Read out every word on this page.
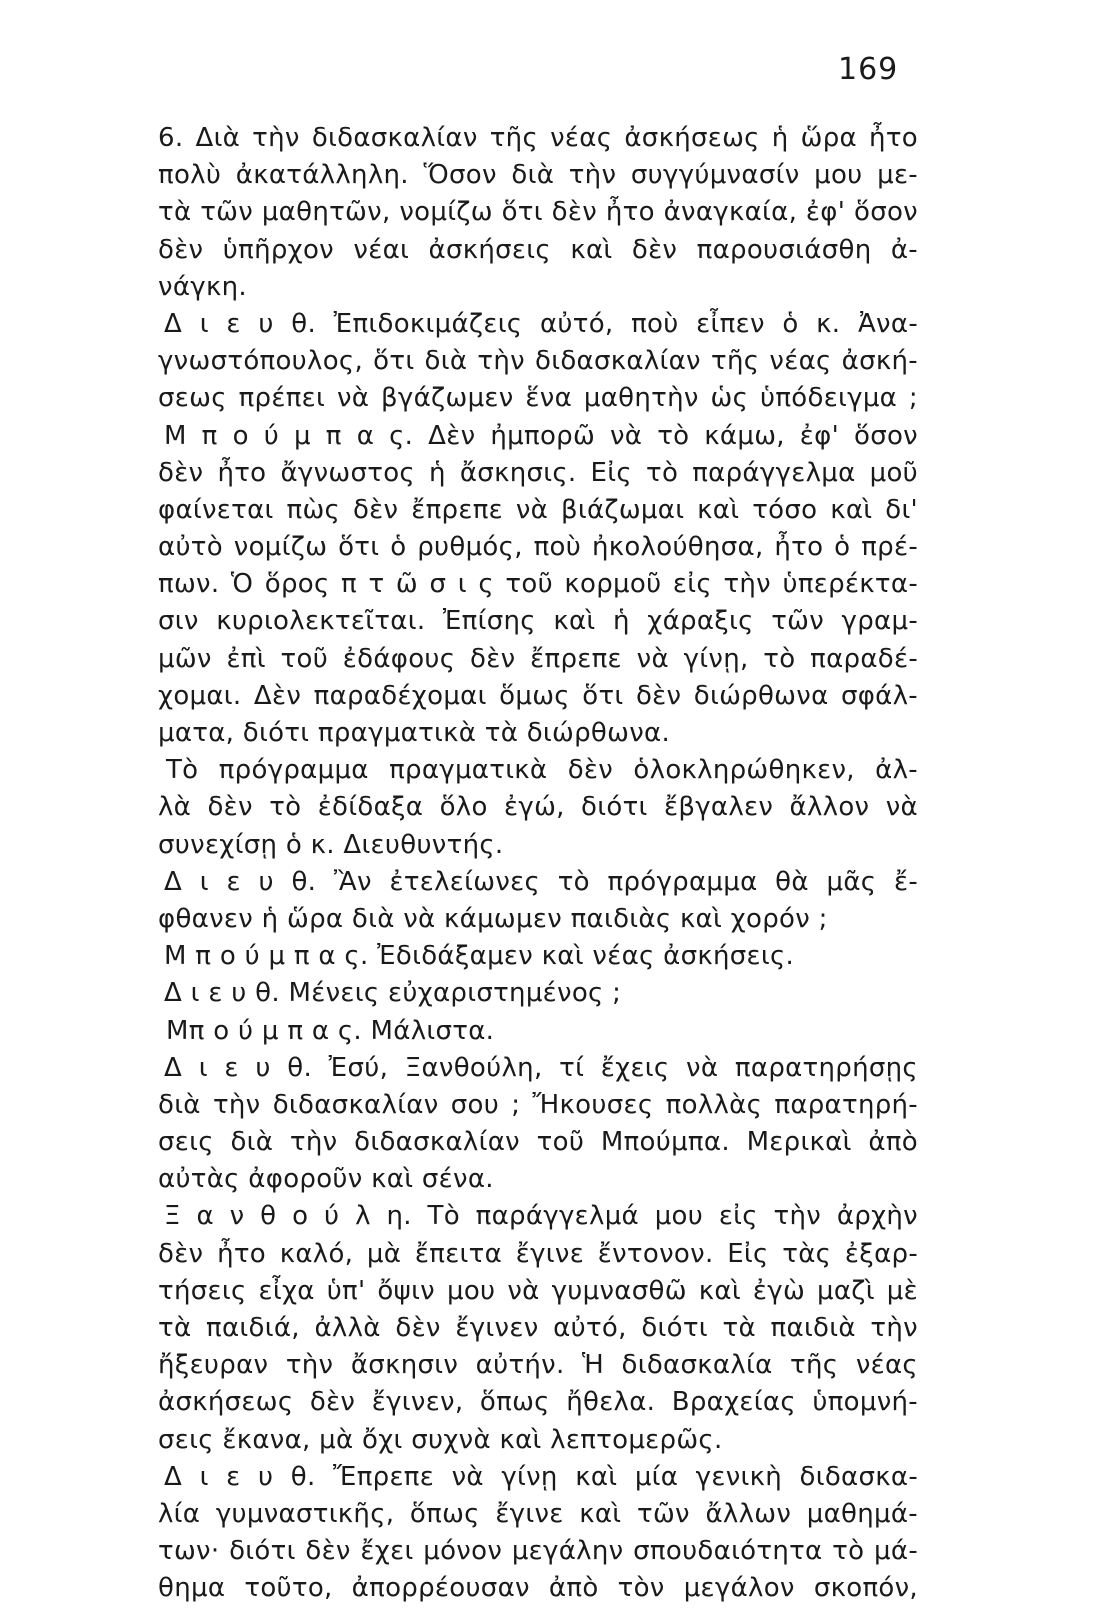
169
6. Διὰ τὴν διδασκαλίαν τῆς νέας ἀσκήσεως ἡ ὥρα ἦτο
πολὺ ἀκατάλληλη. Ὅσον διὰ τὴν συγγύμνασίν μου με-
τὰ τῶν μαθητῶν, νομίζω ὅτι δὲν ἦτο ἀναγκαία, ἐφ' ὅσον
δὲν ὑπῆρχον νέαι ἀσκήσεις καὶ δὲν παρουσιάσθη ἀ-
νάγκη.
Δ ι ε υ θ. Ἐπιδοκιμάζεις αὐτό, ποὺ εἶπεν ὁ κ. Ἀνα-
γνωστόπουλος, ὅτι διὰ τὴν διδασκαλίαν τῆς νέας ἀσκή-
σεως πρέπει νὰ βγάζωμεν ἕνα μαθητὴν ὡς ὑπόδειγμα ;
Μ π ο ύ μ π α ς. Δὲν ἠμπορῶ νὰ τὸ κάμω, ἐφ' ὅσον
δὲν ἦτο ἄγνωστος ἡ ἄσκησις. Εἰς τὸ παράγγελμα μοῦ
φαίνεται πὼς δὲν ἔπρεπε νὰ βιάζωμαι καὶ τόσο καὶ δι'
αὐτὸ νομίζω ὅτι ὁ ρυθμός, ποὺ ἠκολούθησα, ἦτο ὁ πρέ-
πων. Ὁ ὅρος π τ ῶ σ ι ς τοῦ κορμοῦ εἰς τὴν ὑπερέκτα-
σιν κυριολεκτεῖται. Ἐπίσης καὶ ἡ χάραξις τῶν γραμ-
μῶν ἐπὶ τοῦ ἐδάφους δὲν ἔπρεπε νὰ γίνῃ, τὸ παραδέ-
χομαι. Δὲν παραδέχομαι ὅμως ὅτι δὲν διώρθωνα σφάλ-
ματα, διότι πραγματικὰ τὰ διώρθωνα.
Τὸ πρόγραμμα πραγματικὰ δὲν ὁλοκληρώθηκεν, ἀλ-
λὰ δὲν τὸ ἐδίδαξα ὅλο ἐγώ, διότι ἔβγαλεν ἄλλον νὰ
συνεχίσῃ ὁ κ. Διευθυντής.
Δ ι ε υ θ. Ἂν ἐτελείωνες τὸ πρόγραμμα θὰ μᾶς ἔ-
φθανεν ἡ ὥρα διὰ νὰ κάμωμεν παιδιὰς καὶ χορόν ;
Μ π ο ύ μ π α ς. Ἐδιδάξαμεν καὶ νέας ἀσκήσεις.
Δ ι ε υ θ. Μένεις εὐχαριστημένος ;
Μπ ο ύ μ π α ς. Μάλιστα.
Δ ι ε υ θ. Ἐσύ, Ξανθούλη, τί ἔχεις νὰ παρατηρήσῃς
διὰ τὴν διδασκαλίαν σου ; Ἤκουσες πολλὰς παρατηρή-
σεις διὰ τὴν διδασκαλίαν τοῦ Μπούμπα. Μερικαὶ ἀπὸ
αὐτὰς ἀφοροῦν καὶ σένα.
Ξ α ν θ ο ύ λ η. Τὸ παράγγελμά μου εἰς τὴν ἀρχὴν
δὲν ἦτο καλό, μὰ ἔπειτα ἔγινε ἔντονον. Εἰς τὰς ἐξαρ-
τήσεις εἶχα ὑπ' ὄψιν μου νὰ γυμνασθῶ καὶ ἐγὼ μαζὶ μὲ
τὰ παιδιά, ἀλλὰ δὲν ἔγινεν αὐτό, διότι τὰ παιδιὰ τὴν
ἤξευραν τὴν ἄσκησιν αὐτήν. Ἡ διδασκαλία τῆς νέας
ἀσκήσεως δὲν ἔγινεν, ὅπως ἤθελα. Βραχείας ὑπομνή-
σεις ἔκανα, μὰ ὄχι συχνὰ καὶ λεπτομερῶς.
Δ ι ε υ θ. Ἔπρεπε νὰ γίνῃ καὶ μία γενικὴ διδασκα-
λία γυμναστικῆς, ὅπως ἔγινε καὶ τῶν ἄλλων μαθημά-
των· διότι δὲν ἔχει μόνον μεγάλην σπουδαιότητα τὸ μά-
θημα τοῦτο, ἀπορρέουσαν ἀπὸ τὸν μεγάλον σκοπόν,
